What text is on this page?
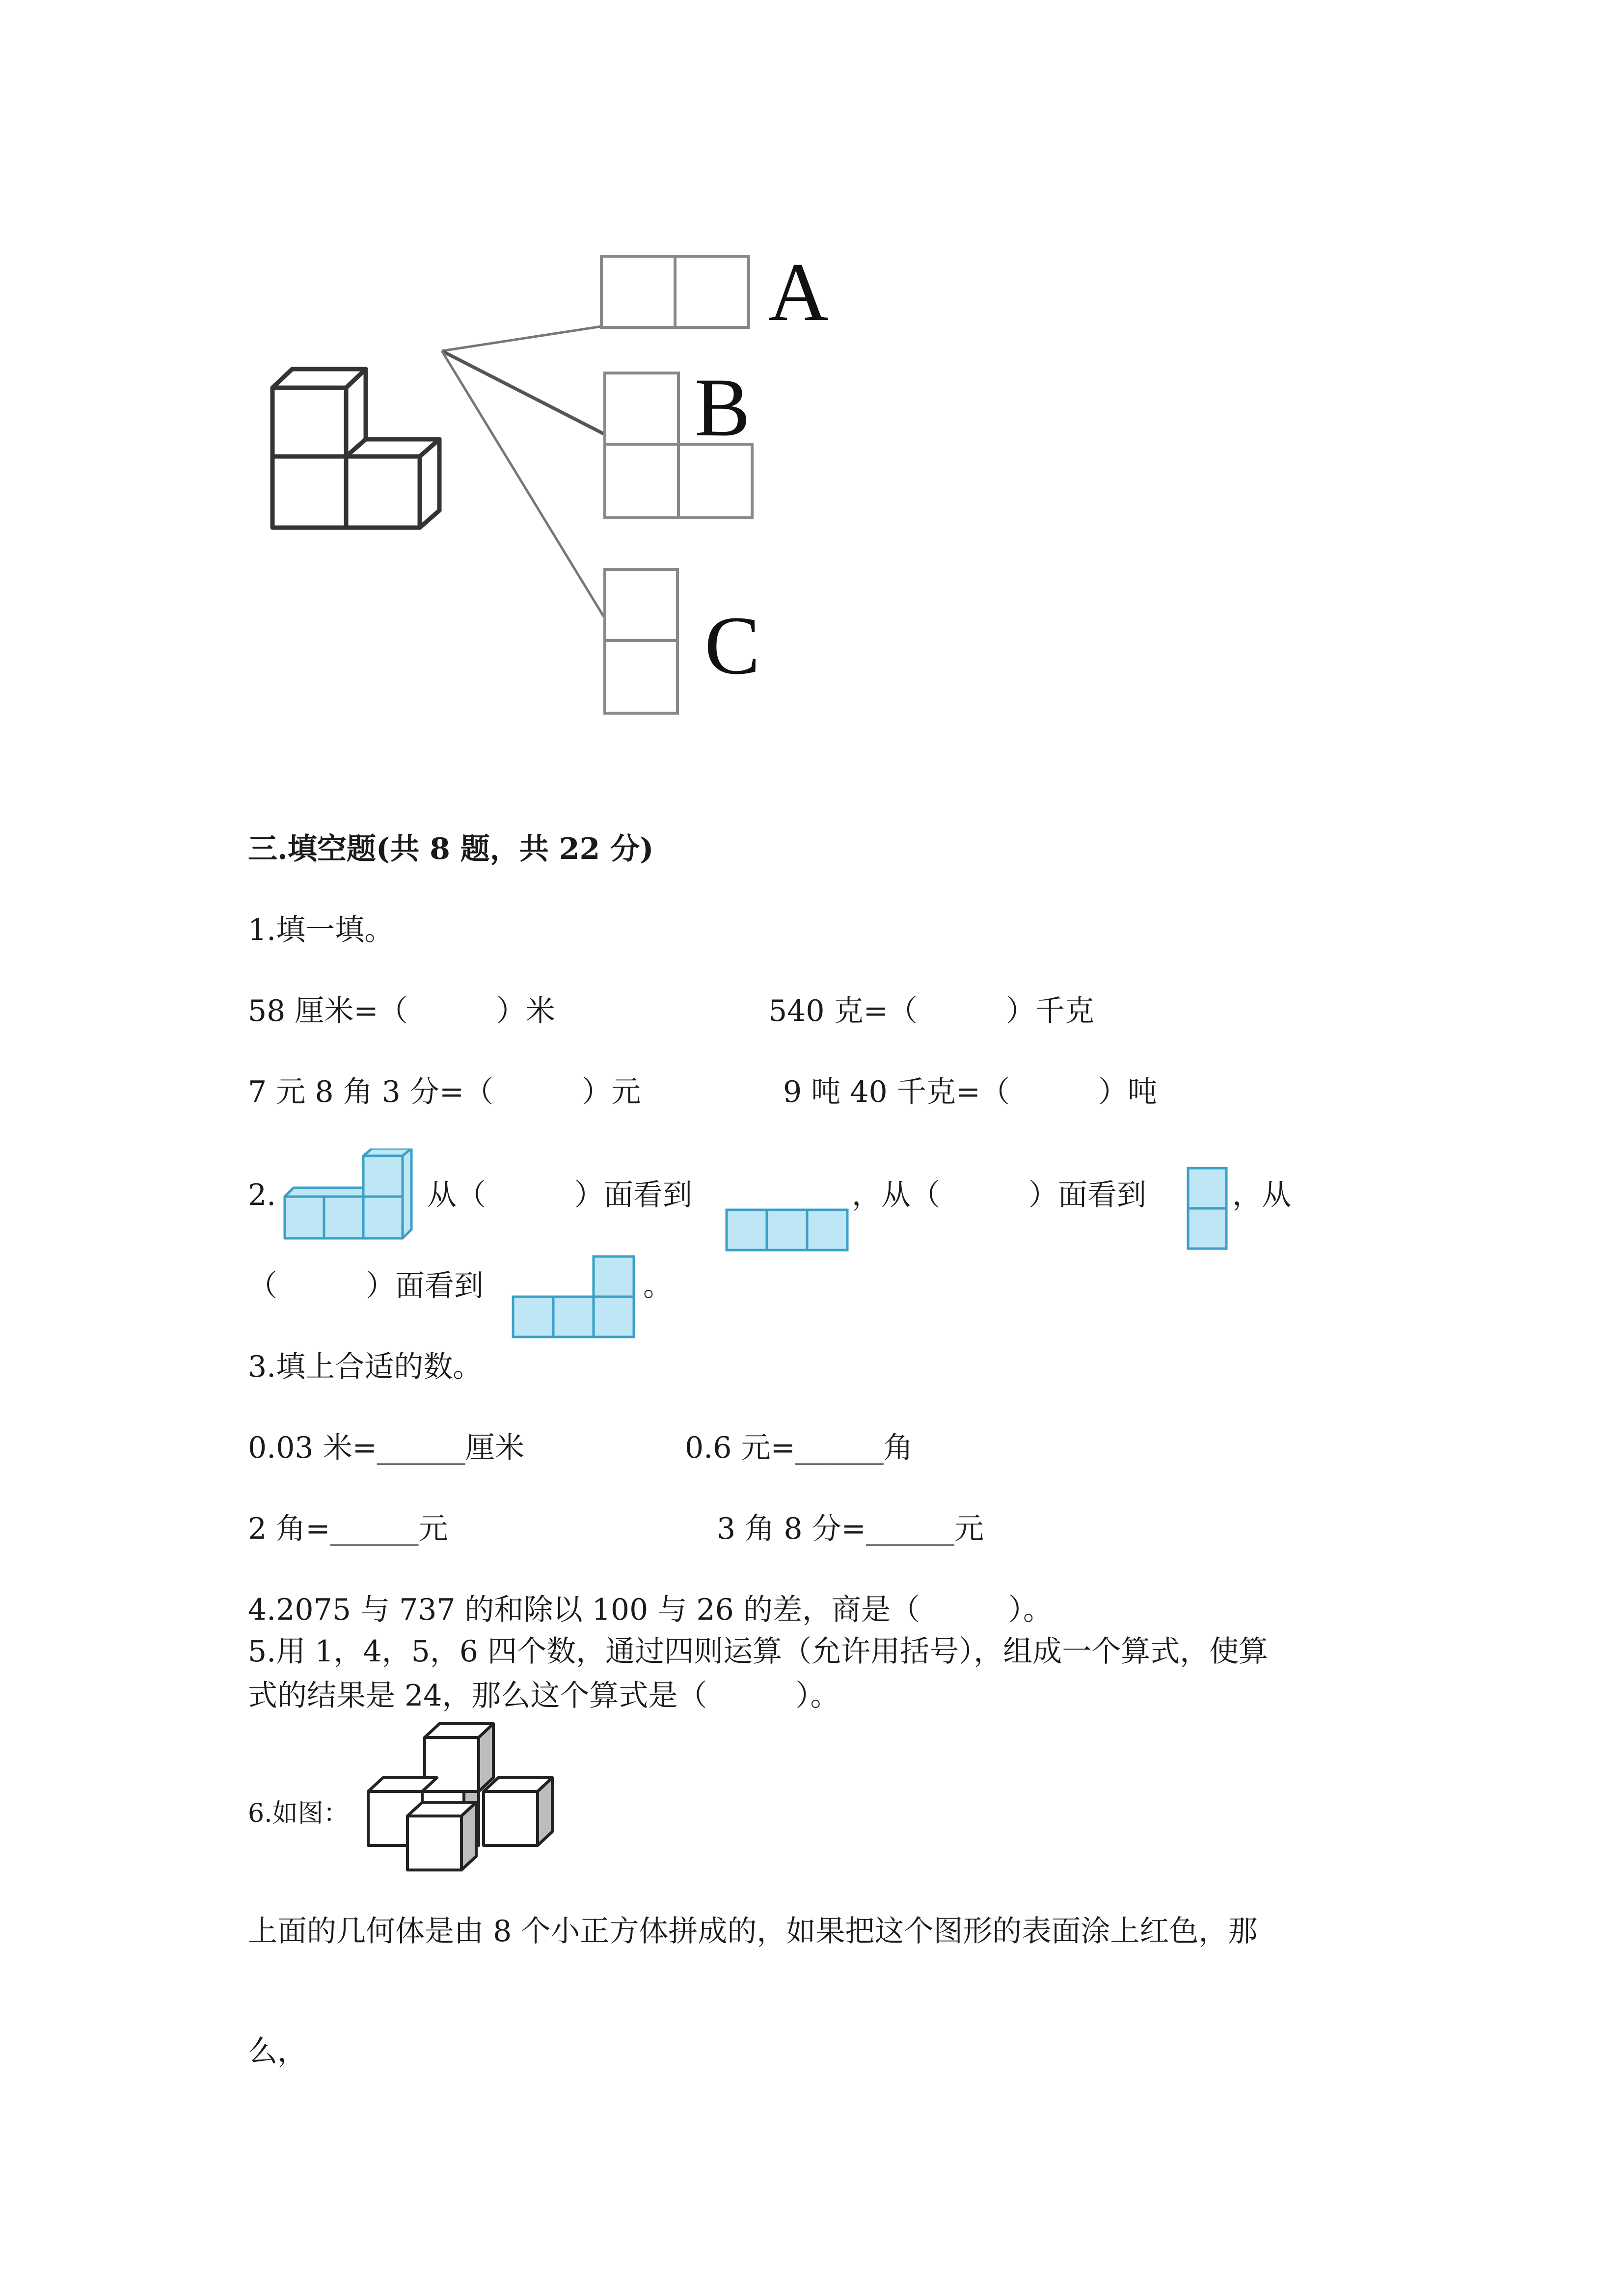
A
B
C
三.填空题(共 8 题，共 22 分)
1.填一填。
58 厘米=（　　　）米	540 克=（　　　）千克
7 元 8 角 3 分=（　　　）元	9 吨 40 千克=（　　　）吨
2.	从（　　　）面看到	，从（　　　）面看到	，从
（　　　）面看到	。
3.填上合适的数。
0.03 米=______厘米	0.6 元=______角
2 角=______元	3 角 8 分=______元
4.2075 与 737 的和除以 100 与 26 的差，商是（　　　）。
5.用 1，4，5，6 四个数，通过四则运算（允许用括号），组成一个算式，使算
式的结果是 24，那么这个算式是（　　　）。
6.如图：
上面的几何体是由 8 个小正方体拼成的，如果把这个图形的表面涂上红色，那
么，
